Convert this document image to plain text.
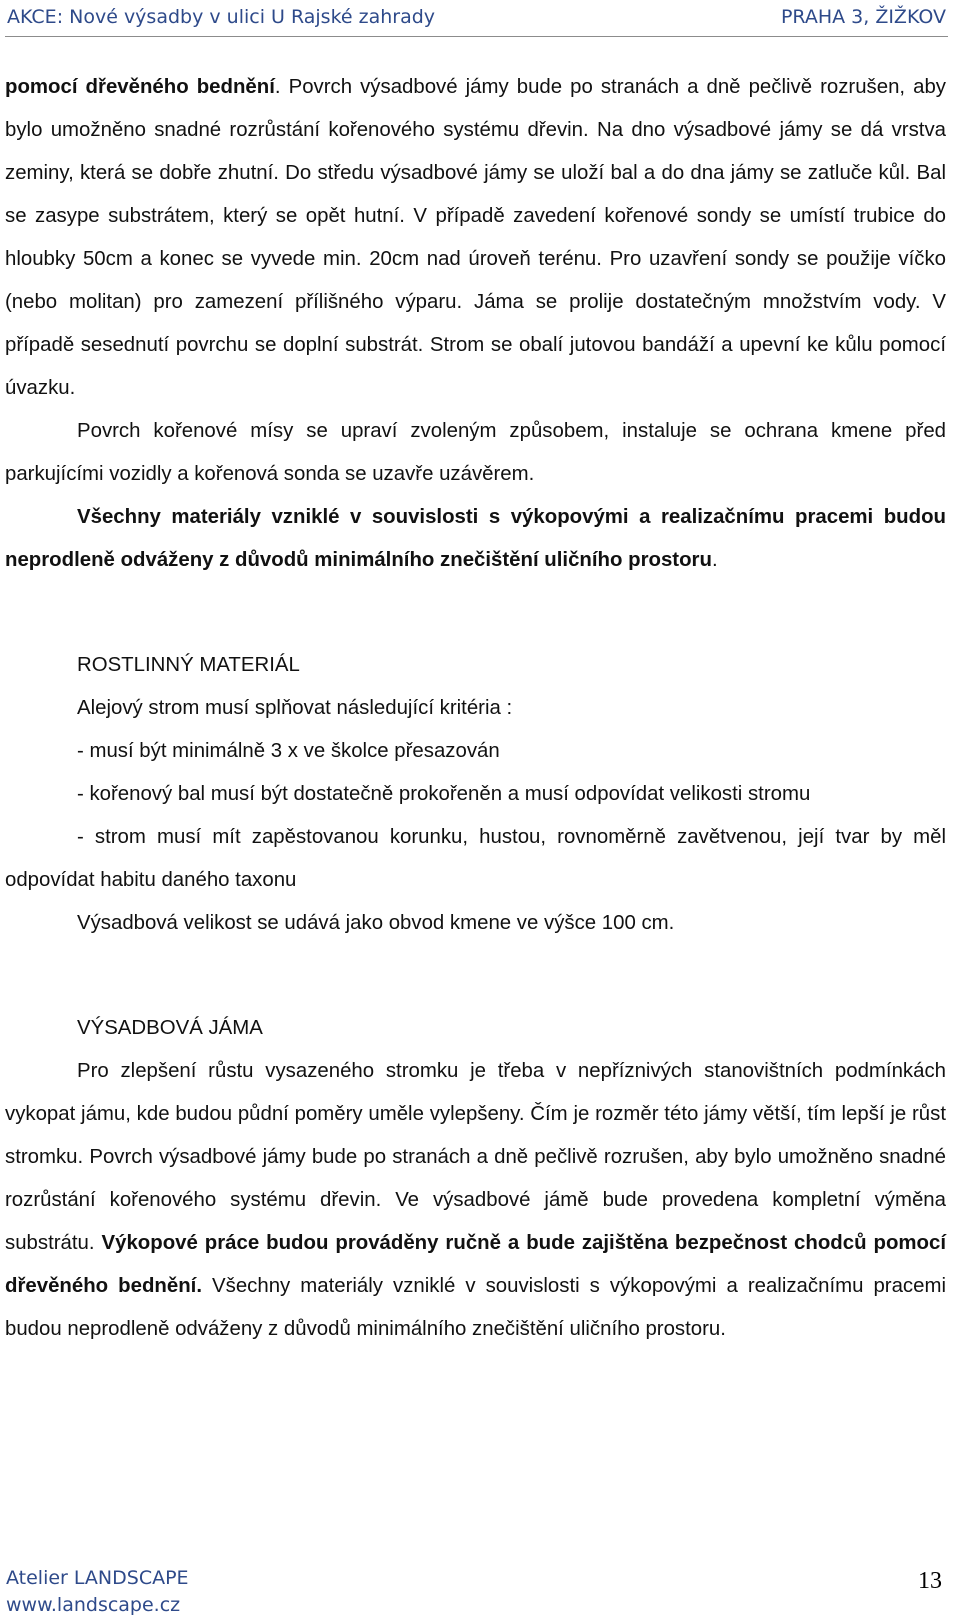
AKCE: Nové výsadby v ulici U Rajské zahrady	PRAHA 3, ŽIŽKOV

pomocí dřevěného bednění. Povrch výsadbové jámy bude po stranách a dně pečlivě rozrušen, aby bylo umožněno snadné rozrůstání kořenového systému dřevin. Na dno výsadbové jámy se dá vrstva zeminy, která se dobře zhutní. Do středu výsadbové jámy se uloží bal a do dna jámy se zatluče kůl. Bal se zasype substrátem, který se opět hutní. V případě zavedení kořenové sondy se umístí trubice do hloubky 50cm a konec se vyvede min. 20cm nad úroveň terénu. Pro uzavření sondy se použije víčko (nebo molitan) pro zamezení přílišného výparu. Jáma se prolije dostatečným množstvím vody. V případě sesednutí povrchu se doplní substrát. Strom se obalí jutovou bandáží a upevní ke kůlu pomocí úvazku.

Povrch kořenové mísy se upraví zvoleným způsobem, instaluje se ochrana kmene před parkujícími vozidly a kořenová sonda se uzavře uzávěrem.

Všechny materiály vzniklé v souvislosti s výkopovými a realizačnímu pracemi budou neprodleně odváženy z důvodů minimálního znečištění uličního prostoru.

ROSTLINNÝ MATERIÁL

Alejový strom musí splňovat následující kritéria :

- musí být minimálně 3 x ve školce přesazován

- kořenový bal musí být dostatečně prokořeněn a musí odpovídat velikosti stromu

- strom musí mít zapěstovanou korunku, hustou, rovnoměrně zavětvenou, její tvar by měl odpovídat habitu daného taxonu

Výsadbová velikost se udává jako obvod kmene ve výšce 100 cm.

VÝSADBOVÁ JÁMA

Pro zlepšení růstu vysazeného stromku je třeba v nepříznivých stanovištních podmínkách vykopat jámu, kde budou půdní poměry uměle vylepšeny. Čím je rozměr této jámy větší, tím lepší je růst stromku. Povrch výsadbové jámy bude po stranách a dně pečlivě rozrušen, aby bylo umožněno snadné rozrůstání kořenového systému dřevin. Ve výsadbové jámě bude provedena kompletní výměna substrátu. Výkopové práce budou prováděny ručně a bude zajištěna bezpečnost chodců pomocí dřevěného bednění. Všechny materiály vzniklé v souvislosti s výkopovými a realizačnímu pracemi budou neprodleně odváženy z důvodů minimálního znečištění uličního prostoru.

Atelier LANDSCAPE
www.landscape.cz
13
